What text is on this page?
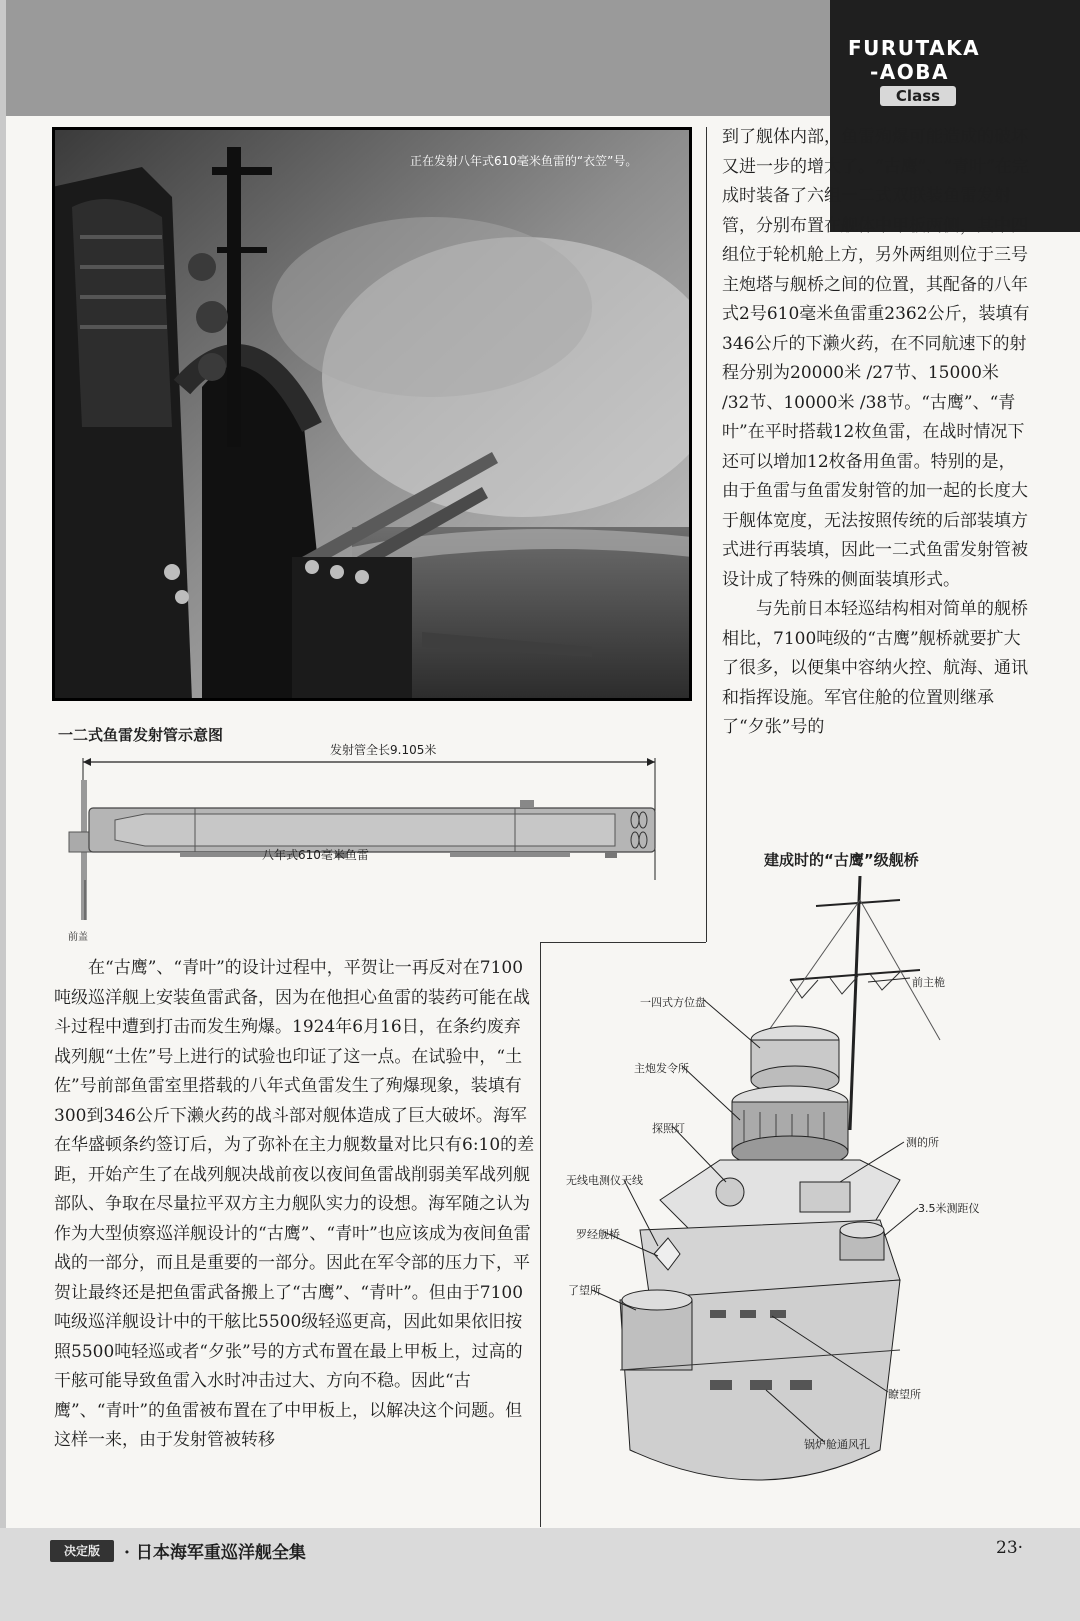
FURUTAKA
-AOBA
Class
正在发射八年式610毫米鱼雷的“衣笠”号。
一二式鱼雷发射管示意图
发射管全长9.105米
八年式610毫米鱼雷
前盖

到了舰体内部，鱼雷殉爆可能造成的破坏又进一步的增大了。“古鹰”、“青叶”在完成时装备了六组一二式双联装鱼雷发射管，分别布置在舰体中甲板两侧，其中四组位于轮机舱上方，另外两组则位于三号主炮塔与舰桥之间的位置，其配备的八年式2号610毫米鱼雷重2362公斤，装填有346公斤的下濑火药，在不同航速下的射程分别为20000米 /27节、15000米 /32节、10000米 /38节。“古鹰”、“青叶”在平时搭载12枚鱼雷，在战时情况下还可以增加12枚备用鱼雷。特别的是，由于鱼雷与鱼雷发射管的加一起的长度大于舰体宽度，无法按照传统的后部装填方式进行再装填，因此一二式鱼雷发射管被设计成了特殊的侧面装填形式。

与先前日本轻巡结构相对简单的舰桥相比，7100吨级的“古鹰”舰桥就要扩大了很多，以便集中容纳火控、航海、通讯和指挥设施。军官住舱的位置则继承了“夕张”号的

在“古鹰”、“青叶”的设计过程中，平贺让一再反对在7100吨级巡洋舰上安装鱼雷武备，因为在他担心鱼雷的装药可能在战斗过程中遭到打击而发生殉爆。1924年6月16日，在条约废弃战列舰“土佐”号上进行的试验也印证了这一点。在试验中，“土佐”号前部鱼雷室里搭载的八年式鱼雷发生了殉爆现象，装填有300到346公斤下濑火药的战斗部对舰体造成了巨大破坏。海军在华盛顿条约签订后，为了弥补在主力舰数量对比只有6:10的差距，开始产生了在战列舰决战前夜以夜间鱼雷战削弱美军战列舰部队、争取在尽量拉平双方主力舰队实力的设想。海军随之认为作为大型侦察巡洋舰设计的“古鹰”、“青叶”也应该成为夜间鱼雷战的一部分，而且是重要的一部分。因此在军令部的压力下，平贺让最终还是把鱼雷武备搬上了“古鹰”、“青叶”。但由于7100吨级巡洋舰设计中的干舷比5500级轻巡更高，因此如果依旧按照5500吨轻巡或者“夕张”号的方式布置在最上甲板上，过高的干舷可能导致鱼雷入水时冲击过大、方向不稳。因此“古鹰”、“青叶”的鱼雷被布置在了中甲板上，以解决这个问题。但这样一来，由于发射管被转移

建成时的“古鹰”级舰桥
前主桅
一四式方位盘
主炮发令所
探照灯
测的所
3.5米测距仪
无线电测仪天线
罗经舰桥
了望所
瞭望所
锅炉舱通风孔
决定版	· 日本海军重巡洋舰全集	23·
